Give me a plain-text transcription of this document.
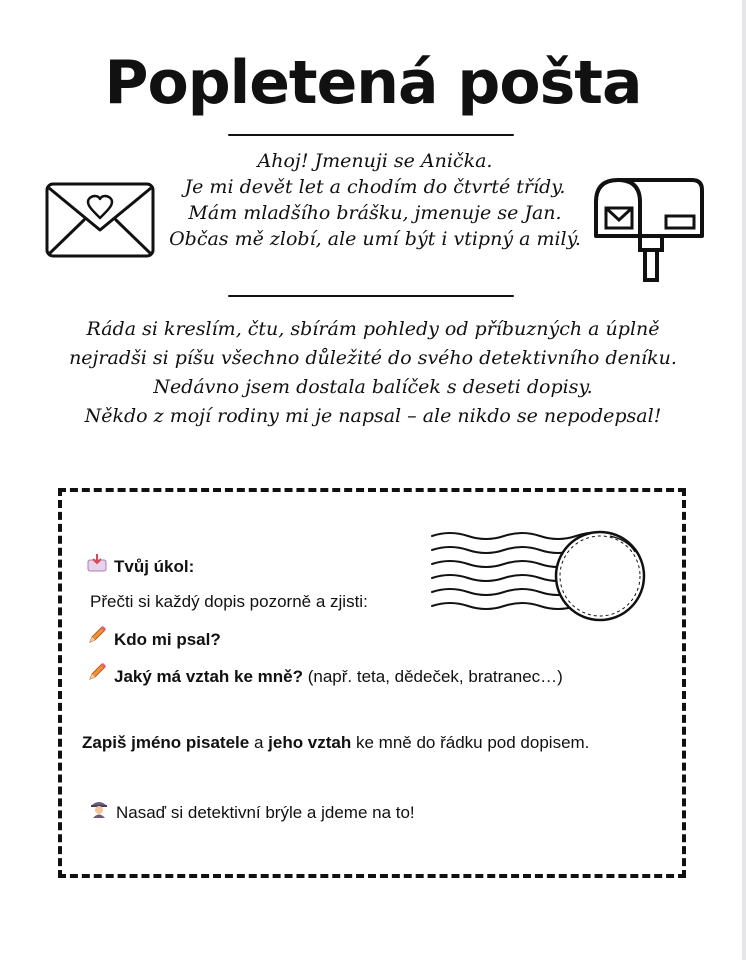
Popletená pošta
Ahoj! Jmenuji se Anička.
Je mi devět let a chodím do čtvrté třídy.
Mám mladšího brášku, jmenuje se Jan.
Občas mě zlobí, ale umí být i vtipný a milý.
Ráda si kreslím, čtu, sbírám pohledy od příbuzných a úplně
nejradši si píšu všechno důležité do svého detektivního deníku.
Nedávno jsem dostala balíček s deseti dopisy.
Někdo z mojí rodiny mi je napsal – ale nikdo se nepodepsal!
Tvůj úkol:
Přečti si každý dopis pozorně a zjisti:
Kdo mi psal?
Jaký má vztah ke mně? (např. teta, dědeček, bratranec…)
Zapiš jméno pisatele a jeho vztah ke mně do řádku pod dopisem.
Nasaď si detektivní brýle a jdeme na to!
